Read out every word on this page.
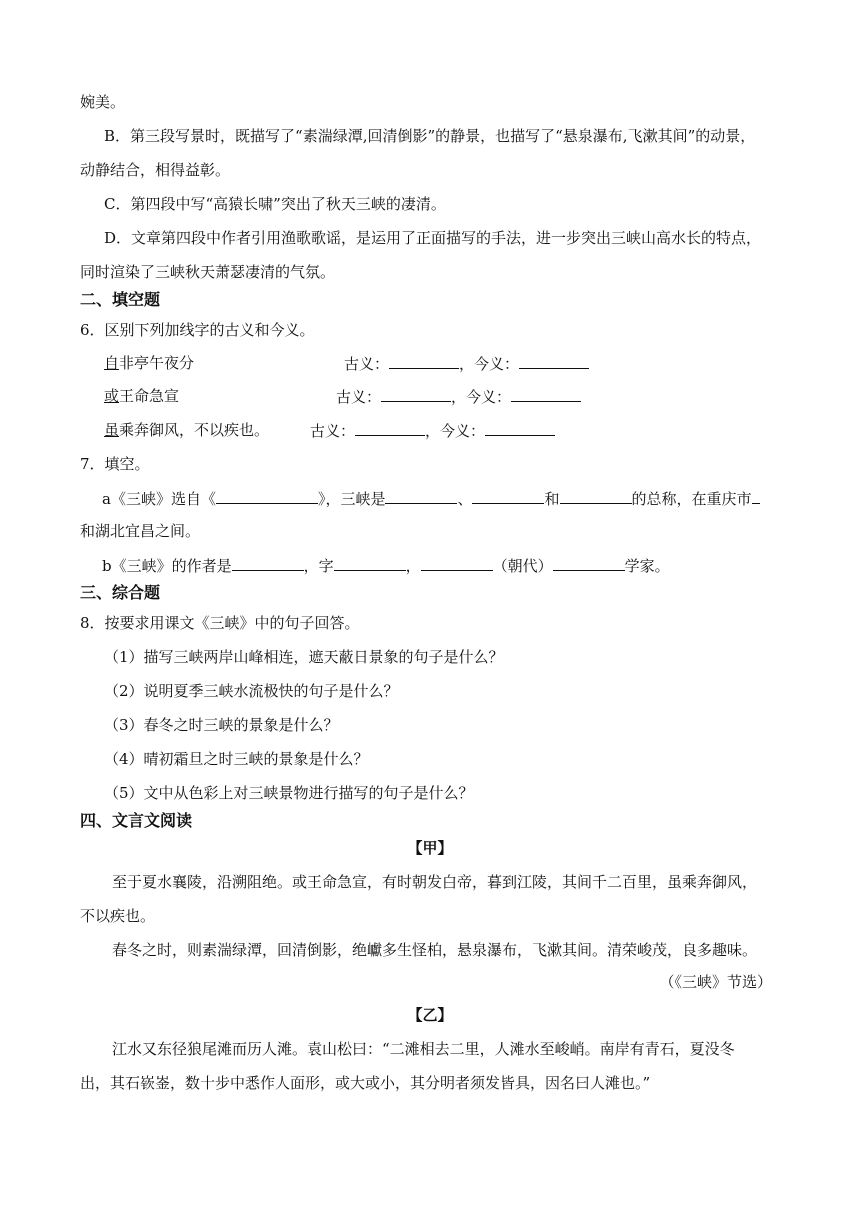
婉美。
B．第三段写景时，既描写了“素湍绿潭,回清倒影”的静景，也描写了“悬泉瀑布,飞漱其间”的动景，
动静结合，相得益彰。
C．第四段中写“高猿长啸”突出了秋天三峡的凄清。
D．文章第四段中作者引用渔歌歌谣，是运用了正面描写的手法，进一步突出三峡山高水长的特点，
同时渲染了三峡秋天萧瑟凄清的气氛。
二、填空题
6．区别下列加线字的古义和今义。
自非亭午夜分	古义：	，今义：
或王命急宣	古义：	，今义：
虽乘奔御风，不以疾也。	古义：	，今义：
7．填空。
a《三峡》选自《	》，三峡是	、	和	的总称，在重庆市
和湖北宜昌之间。
b《三峡》的作者是	，字	，	（朝代）	学家。
三、综合题
8．按要求用课文《三峡》中的句子回答。
（1）描写三峡两岸山峰相连，遮天蔽日景象的句子是什么？
（2）说明夏季三峡水流极快的句子是什么？
（3）春冬之时三峡的景象是什么？
（4）晴初霜旦之时三峡的景象是什么？
（5）文中从色彩上对三峡景物进行描写的句子是什么？
四、文言文阅读
【甲】
至于夏水襄陵，沿溯阻绝。或王命急宣，有时朝发白帝，暮到江陵，其间千二百里，虽乘奔御风，
不以疾也。
春冬之时，则素湍绿潭，回清倒影，绝巘多生怪柏，悬泉瀑布，飞漱其间。清荣峻茂，良多趣味。
（《三峡》节选）
【乙】
江水又东径狼尾滩而历人滩。袁山松曰：“二滩相去二里，人滩水至峻峭。南岸有青石，夏没冬
出，其石嵚崟，数十步中悉作人面形，或大或小，其分明者须发皆具，因名曰人滩也。”
